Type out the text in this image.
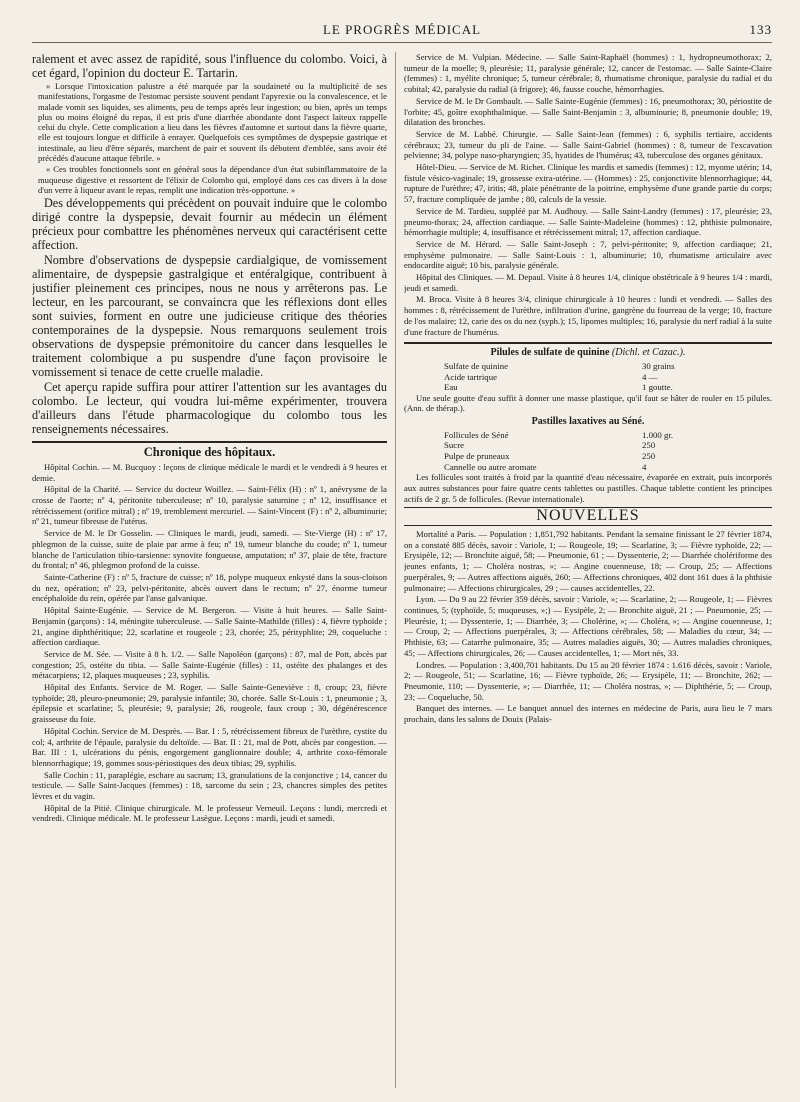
LE PROGRÈS MÉDICAL	133

ralement et avec assez de rapidité, sous l'influence du colombo. Voici, à cet égard, l'opinion du docteur E. Tartarin.

« Lorsque l'intoxication palustre a été marquée par la soudaineté ou la multiplicité de ses manifestations, l'orgasme de l'estomac persiste souvent pendant l'apyrexie ou la convalescence, et le malade vomit ses liquides, ses aliments, peu de temps après leur ingestion; ou bien, après un temps plus ou moins éloigné du repas, il est pris d'une diarrhée abondante dont l'aspect laiteux rappelle celui du chyle. Cette complication a lieu dans les fièvres d'automne et surtout dans la fièvre quarte, elle est toujours longue et difficile à enrayer. Quelquefois ces symptômes de dyspepsie gastrique et intestinale, au lieu d'être séparés, marchent de pair et souvent ils débutent d'emblée, sans avoir été précédés d'aucune attaque fébrile. »

« Ces troubles fonctionnels sont en général sous la dépendance d'un état subinflammatoire de la muqueuse digestive et ressortent de l'élixir de Colombo qui, employé dans ces cas divers à la dose d'un verre à liqueur avant le repas, remplit une indication très-opportune. »

Des développements qui précèdent on pouvait induire que le colombo dirigé contre la dyspepsie, devait fournir au médecin un élément précieux pour combattre les phénomènes nerveux qui caractérisent cette affection.

Nombre d'observations de dyspepsie cardialgique, de vomissement alimentaire, de dyspepsie gastralgique et entéralgique, contribuent à justifier pleinement ces principes, nous ne nous y arrêterons pas. Le lecteur, en les parcourant, se convaincra que les réflexions dont elles sont suivies, forment en outre une judicieuse critique des théories contemporaines de la dyspepsie. Nous remarquons seulement trois observations de dyspepsie prémonitoire du cancer dans lesquelles le traitement colombique a pu suspendre d'une façon provisoire le vomissement si tenace de cette cruelle maladie.

Cet aperçu rapide suffira pour attirer l'attention sur les avantages du colombo. Le lecteur, qui voudra lui-même expérimenter, trouvera d'ailleurs dans l'étude pharmacologique du colombo tous les renseignements nécessaires.

Chronique des hôpitaux.

Hôpital Cochin. — M. Bucquoy : leçons de clinique médicale le mardi et le vendredi à 9 heures et demie.

Hôpital de la Charité. — Service du docteur Woillez. — Saint-Félix (H) : nº 1, anévrysme de la crosse de l'aorte; nº 4, péritonite tuberculeuse; nº 10, paralysie saturnine ; nº 12, insuffisance et rétrécissement (orifice mitral) ; nº 19, tremblement mercuriel. — Saint-Vincent (F) : nº 2, albuminurie; nº 21, tumeur fibreuse de l'utérus.

Service de M. le Dr Gosselin. — Cliniques le mardi, jeudi, samedi. — Ste-Vierge (H) : nº 17, phlegmon de la cuisse, suite de plaie par arme à feu; nº 19, tumeur blanche du coude; nº 1, tumeur blanche de l'articulation tibio-tarsienne: synovite fongueuse, amputation; nº 37, plaie de tête, fracture du frontal; nº 46, phlegmon profond de la cuisse.

Sainte-Catherine (F) : nº 5, fracture de cuisse; nº 18, polype muqueux enkysté dans la sous-cloison du nez, opération; nº 23, pelvi-péritonite, abcès ouvert dans le rectum; nº 27, énorme tumeur encéphaloïde du rein, opérée par l'anse galvanique.

Hôpital Sainte-Eugénie. — Service de M. Bergeron. — Visite à huit heures. — Salle Saint-Benjamin (garçons) : 14, méningite tuberculeuse. — Salle Sainte-Mathilde (filles) : 4, fièvre typhoïde ; 21, angine diphthéritique; 22, scarlatine et rougeole ; 23, chorée; 25, pérityphlite; 29, coqueluche : affection cardiaque.

Service de M. Sée. — Visite à 8 h. 1/2. — Salle Napoléon (garçons) : 87, mal de Pott, abcès par congestion; 25, ostéite du tibia. — Salle Sainte-Eugénie (filles) : 11, ostéite des phalanges et des métacarpiens; 12, plaques muqueuses ; 23, syphilis.

Hôpital des Enfants. Service de M. Roger. — Salle Sainte-Geneviève : 8, croup; 23, fièvre typhoïde; 28, pleuro-pneumonie; 29, paralysie infantile; 30, chorée. Salle St-Louis : 1, pneumonie ; 3, épilepsie et scarlatine; 5, pleurésie; 9, paralysie; 26, rougeole, faux croup ; 30, dégénérescence graisseuse du foie.

Hôpital Cochin. Service de M. Desprès. — Bar. I : 5, rétrécissement fibreux de l'urèthre, cystite du col; 4, arthrite de l'épaule, paralysie du deltoïde. — Bar. II : 21, mal de Pott, abcès par congestion. — Bar. III : 1, ulcérations du pénis, engorgement ganglionnaire double; 4, arthrite coxo-fémorale blennorrhagique; 19, gommes sous-périostiques des deux tibias; 29, syphilis.

Salle Cochin : 11, paraplégie, eschare au sacrum; 13, granulations de la conjonctive ; 14, cancer du testicule. — Salle Saint-Jacques (femmes) : 18, sarcome du sein ; 23, chancres simples des petites lèvres et du vagin.

Hôpital de la Pitié. Clinique chirurgicale. M. le professeur Verneuil. Leçons : lundi, mercredi et vendredi. Clinique médicale. M. le professeur Lasègue. Leçons : mardi, jeudi et samedi.

Service de M. Vulpian. Médecine. — Salle Saint-Raphaël (hommes) : 1, hydropneumothorax; 2, tumeur de la moelle; 9, pleurésie; 11, paralysie générale; 12, cancer de l'estomac. — Salle Sainte-Claire (femmes) : 1, myélite chronique; 5, tumeur cérébrale; 8, rhumatisme chronique, paralysie du radial et du cubital; 42, paralysie du radial (à frigore); 46, fausse couche, hémorrhagies.

Service de M. le Dr Gombault. — Salle Sainte-Eugénie (femmes) : 16, pneumothorax; 30, périostite de l'orbite; 45, goître exophthalmique. — Salle Saint-Benjamin : 3, albuminurie; 8, pneumonie double; 19, dilatation des bronches.

Service de M. Labbé. Chirurgie. — Salle Saint-Jean (femmes) : 6, syphilis tertiaire, accidents cérébraux; 23, tumeur du pli de l'aine. — Salle Saint-Gabriel (hommes) : 8, tumeur de l'excavation pelvienne; 34, polype naso-pharyngien; 35, hyatides de l'humérus; 43, tuberculose des organes génitaux.

Hôtel-Dieu. — Service de M. Richet. Clinique les mardis et samedis (femmes) : 12, myome utérin; 14, fistule vésico-vaginale; 19, grossesse extra-utérine. — (Hommes) : 25, conjonctivite blennorrhagique; 44, rupture de l'urèthre; 47, iritis; 48, plaie pénétrante de la poitrine, emphysème d'une grande partie du corps; 57, fracture compliquée de jambe ; 80, calculs de la vessie.

Service de M. Tardieu, suppléé par M. Audhouy. — Salle Saint-Landry (femmes) : 17, pleurésie; 23, pneumo-thorax; 24, affection cardiaque. — Salle Sainte-Madeleine (hommes) : 12, phthisie pulmonaire, hémorrhagie multiple; 4, insuffisance et rétrécissement mitral; 17, affection cardiaque.

Service de M. Hérard. — Salle Saint-Joseph : 7, pelvi-péritonite; 9, affection cardiaque; 21, emphysème pulmonaire. — Salle Saint-Louis : 1, albuminurie; 10, rhumatisme articulaire avec endocardite aiguë; 10 bis, paralysie générale.

Hôpital des Cliniques. — M. Depaul. Visite à 8 heures 1/4, clinique obstétricale à 9 heures 1/4 : mardi, jeudi et samedi.

M. Broca. Visite à 8 heures 3/4, clinique chirurgicale à 10 heures : lundi et vendredi. — Salles des hommes : 8, rétrécissement de l'urèthre, infiltration d'urine, gangrène du fourreau de la verge; 10, fracture de l'os malaire; 12, carie des os du nez (syph.); 15, lipomes multiples; 16, paralysie du nerf radial à la suite d'une fracture de l'humérus.

Pilules de sulfate de quinine (Dichl. et Cazac.).
Sulfate de quinine	30 grains
Acide tartrique	4 —
Eau	1 goutte.

Une seule goutte d'eau suffit à donner une masse plastique, qu'il faut se hâter de rouler en 15 pilules. (Ann. de thérap.).

Pastilles laxatives au Séné.
Follicules de Séné	1.000 gr.
Sucre	250
Pulpe de pruneaux	250
Cannelle ou autre aromate	4

Les follicules sont traités à froid par la quantité d'eau nécessaire, évaporée en extrait, puis incorporés aux autres substances pour faire quatre cents tablettes ou pastilles. Chaque tablette contient les principes actifs de 2 gr. 5 de follicules. (Revue internationale).

NOUVELLES

Mortalité a Paris. — Population : 1,851,792 habitants. Pendant la semaine finissant le 27 février 1874, on a constaté 885 décès, savoir : Variole, 1; — Rougeole, 19; — Scarlatine, 3; — Fièvre typhoïde, 22; — Erysipèle, 12; — Bronchite aiguë, 58; — Pneumonie, 61 ; — Dyssenterie, 2; — Diarrhée cholériforme des jeunes enfants, 1; — Choléra nostras, »; — Angine couenneuse, 18; — Croup, 25; — Affections puerpérales, 9; — Autres affections aiguës, 260; — Affections chroniques, 402 dont 161 dues à la phthisie pulmonaire; — Affections chirurgicales, 29 ; — causes accidentelles, 22.

Lyon. — Du 9 au 22 février 359 décès, savoir : Variole, »; — Scarlatine, 2; — Rougeole, 1; — Fièvres continues, 5; (typhoïde, 5; muqueuses, »;) — Eysipèle, 2; — Bronchite aiguë, 21 ; — Pneumonie, 25; — Pleurésie, 1; — Dyssenterie, 1; — Diarrhée, 3; — Cholérine, »; — Choléra, »; — Angine couenneuse, 1; — Croup, 2; — Affections puerpérales, 3; — Affections cérébrales, 58; — Maladies du cœur, 34; — Phthisie, 63; — Catarrhe pulmonaire, 35; — Autres maladies aiguës, 30; — Autres maladies chroniques, 45; — Affections chirurgicales, 26; — Causes accidentelles, 1; — Mort nés, 33.

Londres. — Population : 3,400,701 habitants. Du 15 au 20 février 1874 : 1.616 décès, savoir : Variole, 2; — Rougeole, 51; — Scarlatine, 16; — Fièvre typhoïde, 26; — Erysipèle, 11; — Bronchite, 262; — Pneumonie, 110; — Dyssenterie, »; — Diarrhée, 11; — Choléra nostras, »; — Diphthérie, 5; — Croup, 23; — Coqueluche, 50.

Banquet des internes. — Le banquet annuel des internes en médecine de Paris, aura lieu le 7 mars prochain, dans les salons de Douix (Palais-
